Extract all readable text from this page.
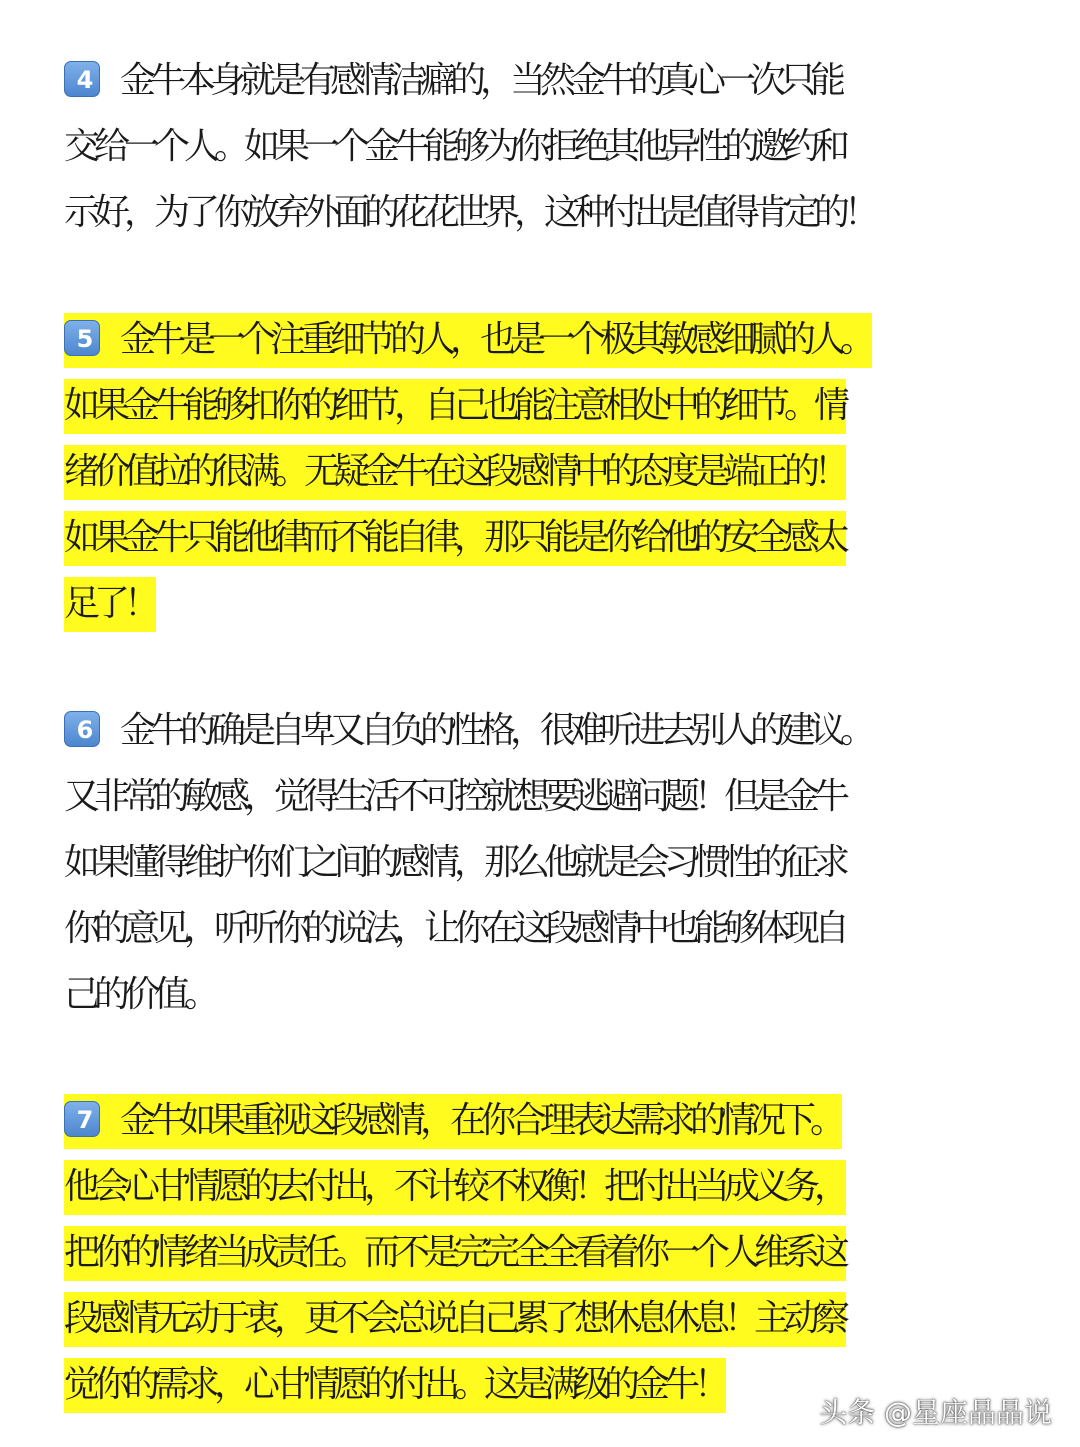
4 金牛本身就是有感情洁癖的，当然金牛的真心一次只能
交给一个人。如果一个金牛能够为你拒绝其他异性的邀约和
示好，为了你放弃外面的花花世界，这种付出是值得肯定的！
5 金牛是一个注重细节的人，也是一个极其敏感细腻的人。
如果金牛能够扣你的细节，自己也能注意相处中的细节。情
绪价值拉的很满。无疑金牛在这段感情中的态度是端正的！
如果金牛只能他律而不能自律，那只能是你给他的安全感太
足了！
6 金牛的确是自卑又自负的性格，很难听进去别人的建议。
又非常的敏感，觉得生活不可控就想要逃避问题！但是金牛
如果懂得维护你们之间的感情，那么他就是会习惯性的征求
你的意见，听听你的说法，让你在这段感情中也能够体现自
己的价值。
7 金牛如果重视这段感情，在你合理表达需求的情况下。
他会心甘情愿的去付出，不计较不权衡！把付出当成义务，
把你的情绪当成责任。而不是完完全全看着你一个人维系这
段感情无动于衷，更不会总说自己累了想休息休息！主动察
觉你的需求，心甘情愿的付出。这是满级的金牛！
头条 @星座晶晶说
